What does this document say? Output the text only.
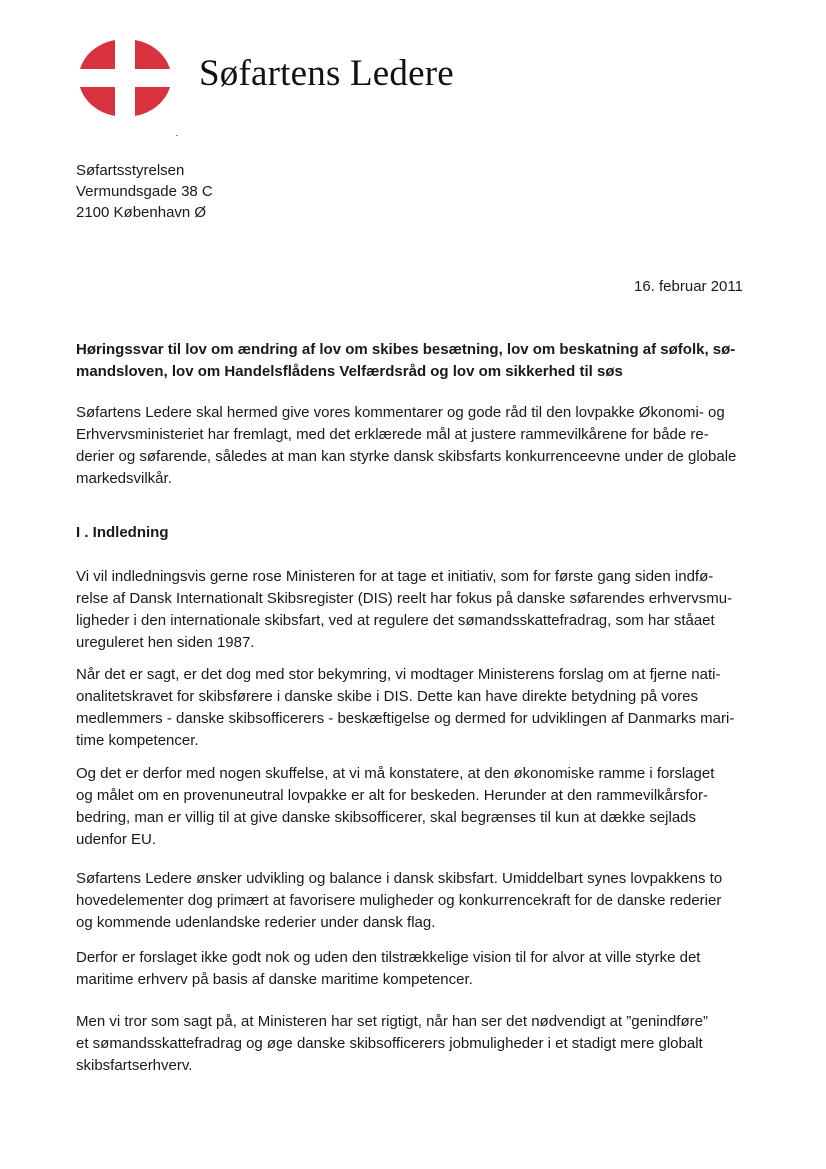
Søfartens Ledere
Søfartsstyrelsen
Vermundsgade 38 C
2100 København Ø
16. februar 2011
Høringssvar til lov om ændring af lov om skibes besætning, lov om beskatning af søfolk, sø-
mandsloven, lov om Handelsflådens Velfærdsråd og lov om sikkerhed til søs
Søfartens Ledere skal hermed give vores kommentarer og gode råd til den lovpakke Økonomi- og
Erhvervsministeriet har fremlagt, med det erklærede mål at justere rammevilkårene for både re-
derier og søfarende, således at man kan styrke dansk skibsfarts konkurrenceevne under de globale
markedsvilkår.
I . Indledning
Vi vil indledningsvis gerne rose Ministeren for at tage et initiativ, som for første gang siden indfø-
relse af Dansk Internationalt Skibsregister (DIS) reelt har fokus på danske søfarendes erhvervsmu-
ligheder i den internationale skibsfart, ved at regulere det sømandsskattefradrag, som har ståaet
ureguleret hen siden 1987.
Når det er sagt, er det dog med stor bekymring, vi modtager Ministerens forslag om at fjerne nati-
onalitetskravet for skibsførere i danske skibe i DIS. Dette kan have direkte betydning på vores
medlemmers - danske skibsofficerers - beskæftigelse og dermed for udviklingen af Danmarks mari-
time kompetencer.
Og det er derfor med nogen skuffelse, at vi må konstatere, at den økonomiske ramme i forslaget
og målet om en provenuneutral lovpakke er alt for beskeden. Herunder at den rammevilkårsfor-
bedring, man er villig til at give danske skibsofficerer, skal begrænses til kun at dække sejlads
udenfor EU.
Søfartens Ledere ønsker udvikling og balance i dansk skibsfart. Umiddelbart synes lovpakkens to
hovedelementer dog primært at favorisere muligheder og konkurrencekraft for de danske rederier
og kommende udenlandske rederier under dansk flag.
Derfor er forslaget ikke godt nok og uden den tilstrækkelige vision til for alvor at ville styrke det
maritime erhverv på basis af danske maritime kompetencer.
Men vi tror som sagt på, at Ministeren har set rigtigt, når han ser det nødvendigt at ”genindføre”
et sømandsskattefradrag og øge danske skibsofficerers jobmuligheder i et stadigt mere globalt
skibsfartserhverv.
